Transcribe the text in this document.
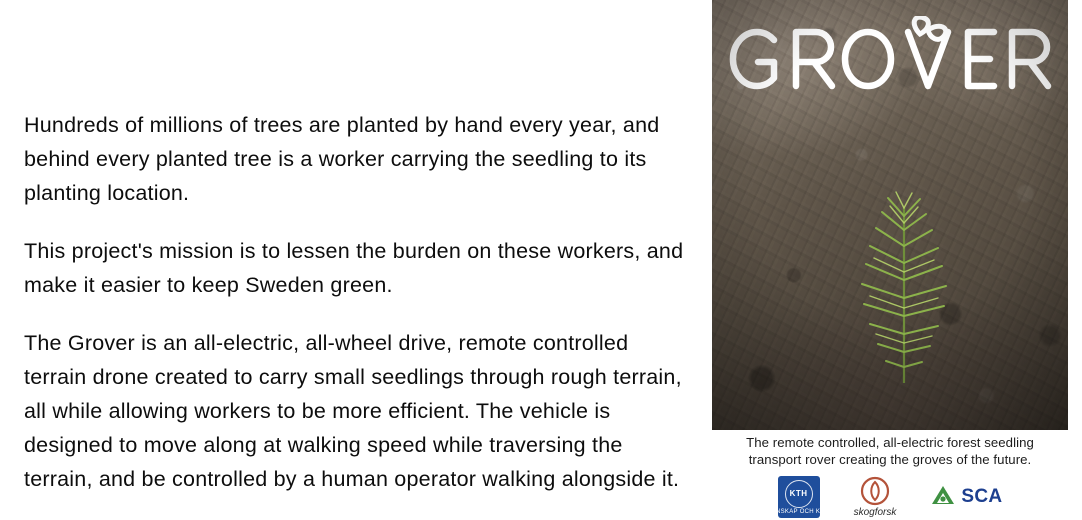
Hundreds of millions of trees are planted by hand every year, and behind every planted tree is a worker carrying the seedling to its planting location.

This project's mission is to lessen the burden on these workers, and make it easier to keep Sweden green.

The Grover is an all-electric, all-wheel drive, remote controlled terrain drone created to carry small seedlings through rough terrain, all while allowing workers to be more efficient. The vehicle is designed to move along at walking speed while traversing the terrain, and be controlled by a human operator walking alongside it.

The remote controlled, all-electric forest seedling
transport rover creating the groves of the future.
KTH
VETENSKAP OCH KONST skogforsk
SCA
